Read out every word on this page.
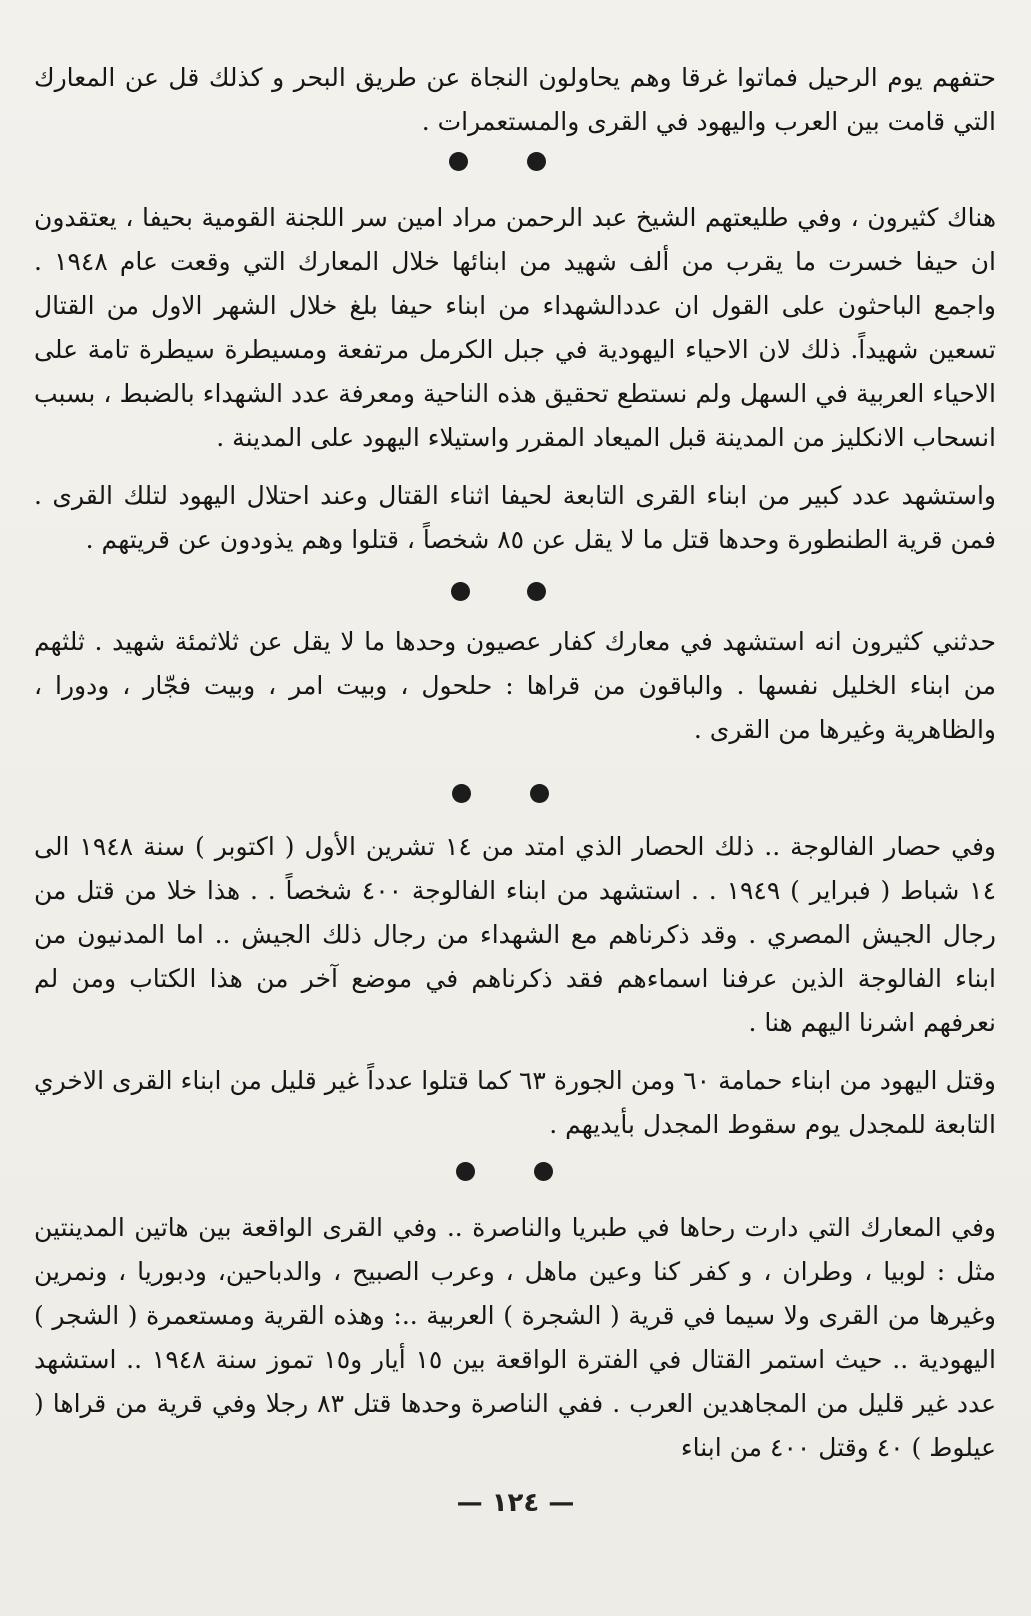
حتفهم يوم الرحيل فماتوا غرقا وهم يحاولون النجاة عن طريق البحر و كذلك قل عن المعارك التي قامت بين العرب واليهود في القرى والمستعمرات .

هناك كثيرون ، وفي طليعتهم الشيخ عبد الرحمن مراد امين سر اللجنة القومية بحيفا ، يعتقدون ان حيفا خسرت ما يقرب من ألف شهيد من ابنائها خلال المعارك التي وقعت عام ١٩٤٨ . واجمع الباحثون على القول ان عددالشهداء من ابناء حيفا بلغ خلال الشهر الاول من القتال تسعين شهيداً. ذلك لان الاحياء اليهودية في جبل الكرمل مرتفعة ومسيطرة سيطرة تامة على الاحياء العربية في السهل ولم نستطع تحقيق هذه الناحية ومعرفة عدد الشهداء بالضبط ، بسبب انسحاب الانكليز من المدينة قبل الميعاد المقرر واستيلاء اليهود على المدينة .

واستشهد عدد كبير من ابناء القرى التابعة لحيفا اثناء القتال وعند احتلال اليهود لتلك القرى . فمن قرية الطنطورة وحدها قتل ما لا يقل عن ٨٥ شخصاً ، قتلوا وهم يذودون عن قريتهم .

حدثني كثيرون انه استشهد في معارك كفار عصيون وحدها ما لا يقل عن ثلاثمئة شهيد . ثلثهم من ابناء الخليل نفسها . والباقون من قراها : حلحول ، وبيت امر ، وبيت فجّار ، ودورا ، والظاهرية وغيرها من القرى .

وفي حصار الفالوجة .. ذلك الحصار الذي امتد من ١٤ تشرين الأول ( اكتوبر ) سنة ١٩٤٨ الى ١٤ شباط ( فبراير ) ١٩٤٩ . . استشهد من ابناء الفالوجة ٤٠٠ شخصاً . . هذا خلا من قتل من رجال الجيش المصري . وقد ذكرناهم مع الشهداء من رجال ذلك الجيش .. اما المدنيون من ابناء الفالوجة الذين عرفنا اسماءهم فقد ذكرناهم في موضع آخر من هذا الكتاب ومن لم نعرفهم اشرنا اليهم هنا .

وقتل اليهود من ابناء حمامة ٦٠ ومن الجورة ٦٣ كما قتلوا عدداً غير قليل من ابناء القرى الاخري التابعة للمجدل يوم سقوط المجدل بأيديهم .

وفي المعارك التي دارت رحاها في طبريا والناصرة .. وفي القرى الواقعة بين هاتين المدينتين مثل : لوبيا ، وطران ، و كفر كنا وعين ماهل ، وعرب الصبيح ، والدباحين، ودبوريا ، ونمرين وغيرها من القرى ولا سيما في قرية ( الشجرة ) العربية ..: وهذه القرية ومستعمرة ( الشجر ) اليهودية .. حيث استمر القتال في الفترة الواقعة بين ١٥ أيار و١٥ تموز سنة ١٩٤٨ .. استشهد عدد غير قليل من المجاهدين العرب . ففي الناصرة وحدها قتل ٨٣ رجلا وفي قرية من قراها ( عيلوط ) ٤٠ وقتل ٤٠٠ من ابناء

— ١٢٤ —
